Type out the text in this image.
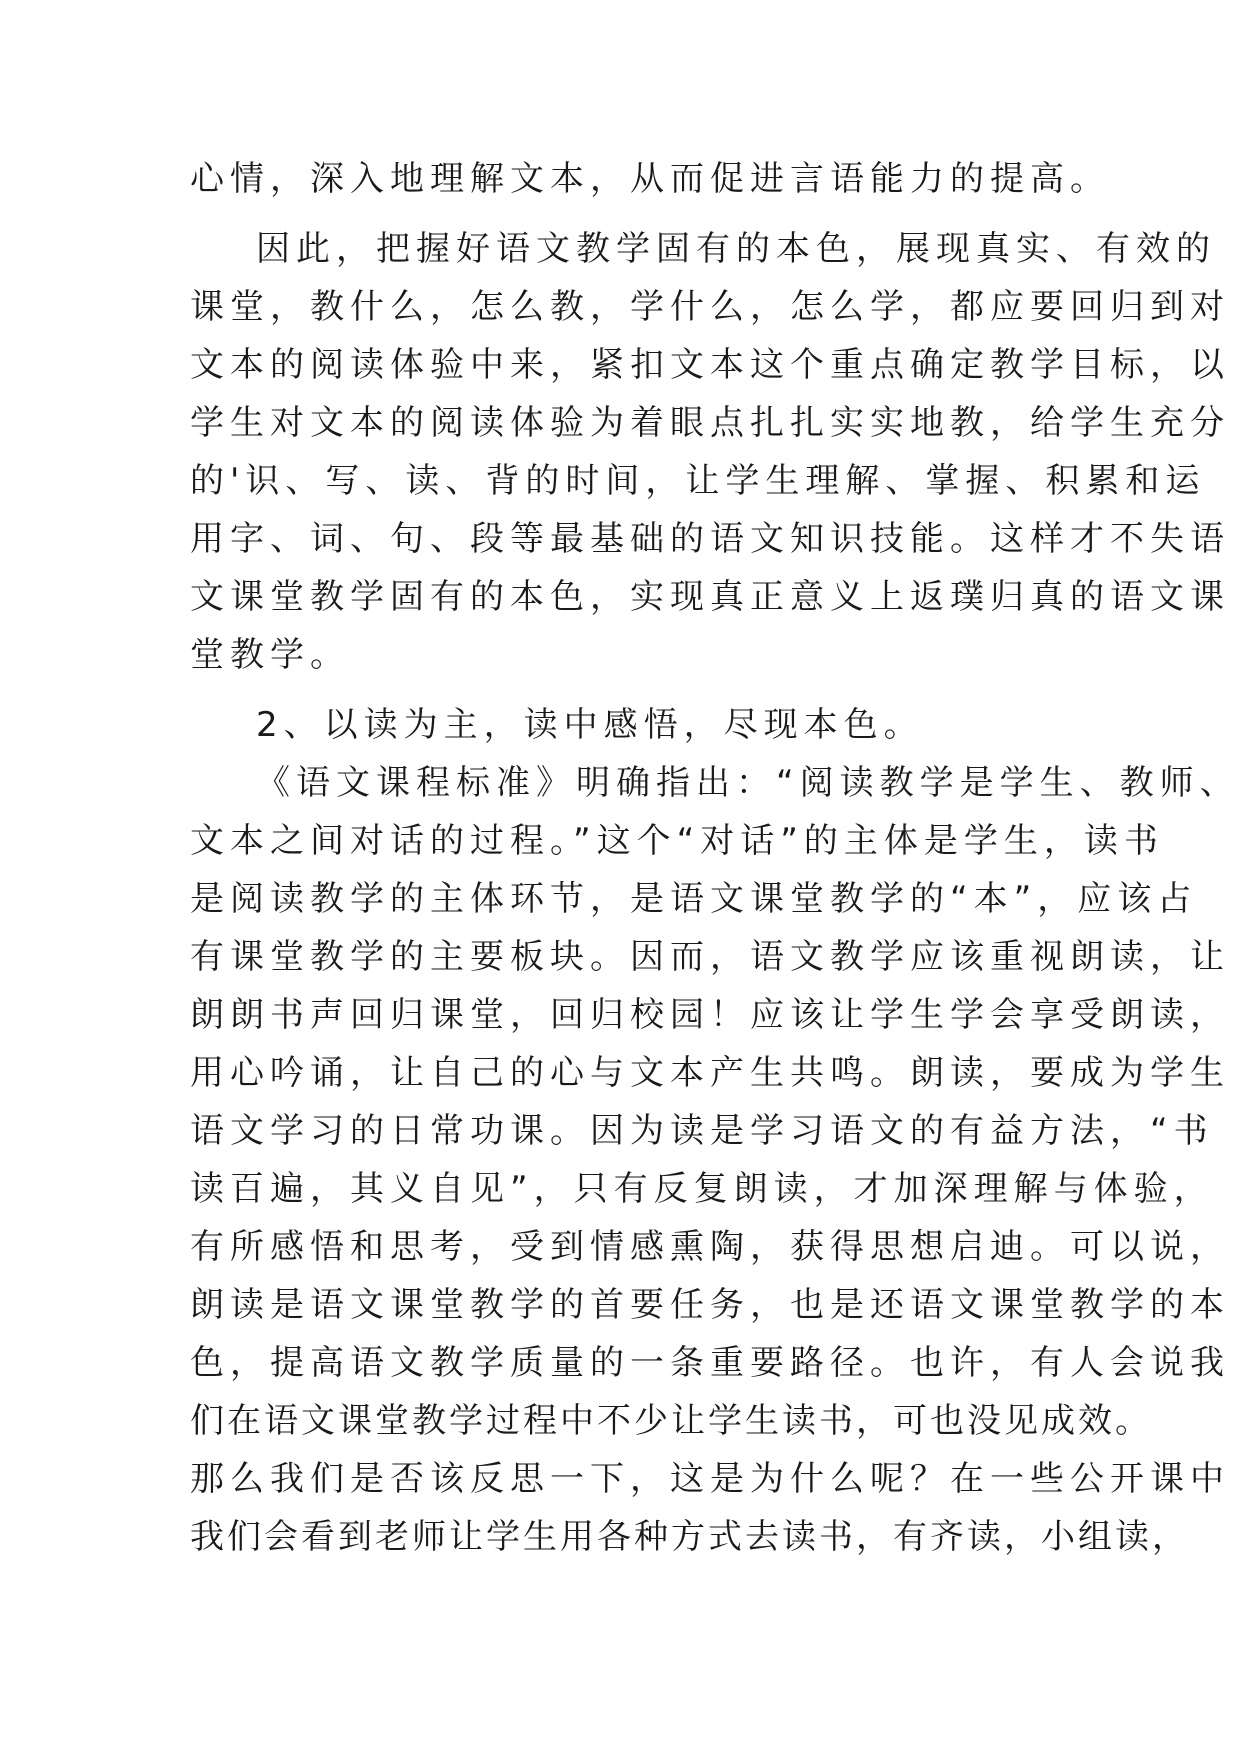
心情，深入地理解文本，从而促进言语能力的提高。
因此，把握好语文教学固有的本色，展现真实、有效的
课堂，教什么，怎么教，学什么，怎么学，都应要回归到对
文本的阅读体验中来，紧扣文本这个重点确定教学目标，以
学生对文本的阅读体验为着眼点扎扎实实地教，给学生充分
的'识、写、读、背的时间，让学生理解、掌握、积累和运
用字、词、句、段等最基础的语文知识技能。这样才不失语
文课堂教学固有的本色，实现真正意义上返璞归真的语文课
堂教学。
2、以读为主，读中感悟，尽现本色。
《语文课程标准》明确指出：“阅读教学是学生、教师、
文本之间对话的过程。”这个“对话”的主体是学生，读书
是阅读教学的主体环节，是语文课堂教学的“本”，应该占
有课堂教学的主要板块。因而，语文教学应该重视朗读，让
朗朗书声回归课堂，回归校园！应该让学生学会享受朗读，
用心吟诵，让自己的心与文本产生共鸣。朗读，要成为学生
语文学习的日常功课。因为读是学习语文的有益方法，“书
读百遍，其义自见”，只有反复朗读，才加深理解与体验，
有所感悟和思考，受到情感熏陶，获得思想启迪。可以说，
朗读是语文课堂教学的首要任务，也是还语文课堂教学的本
色，提高语文教学质量的一条重要路径。也许，有人会说我
们在语文课堂教学过程中不少让学生读书，可也没见成效。
那么我们是否该反思一下，这是为什么呢？在一些公开课中
我们会看到老师让学生用各种方式去读书，有齐读，小组读，
